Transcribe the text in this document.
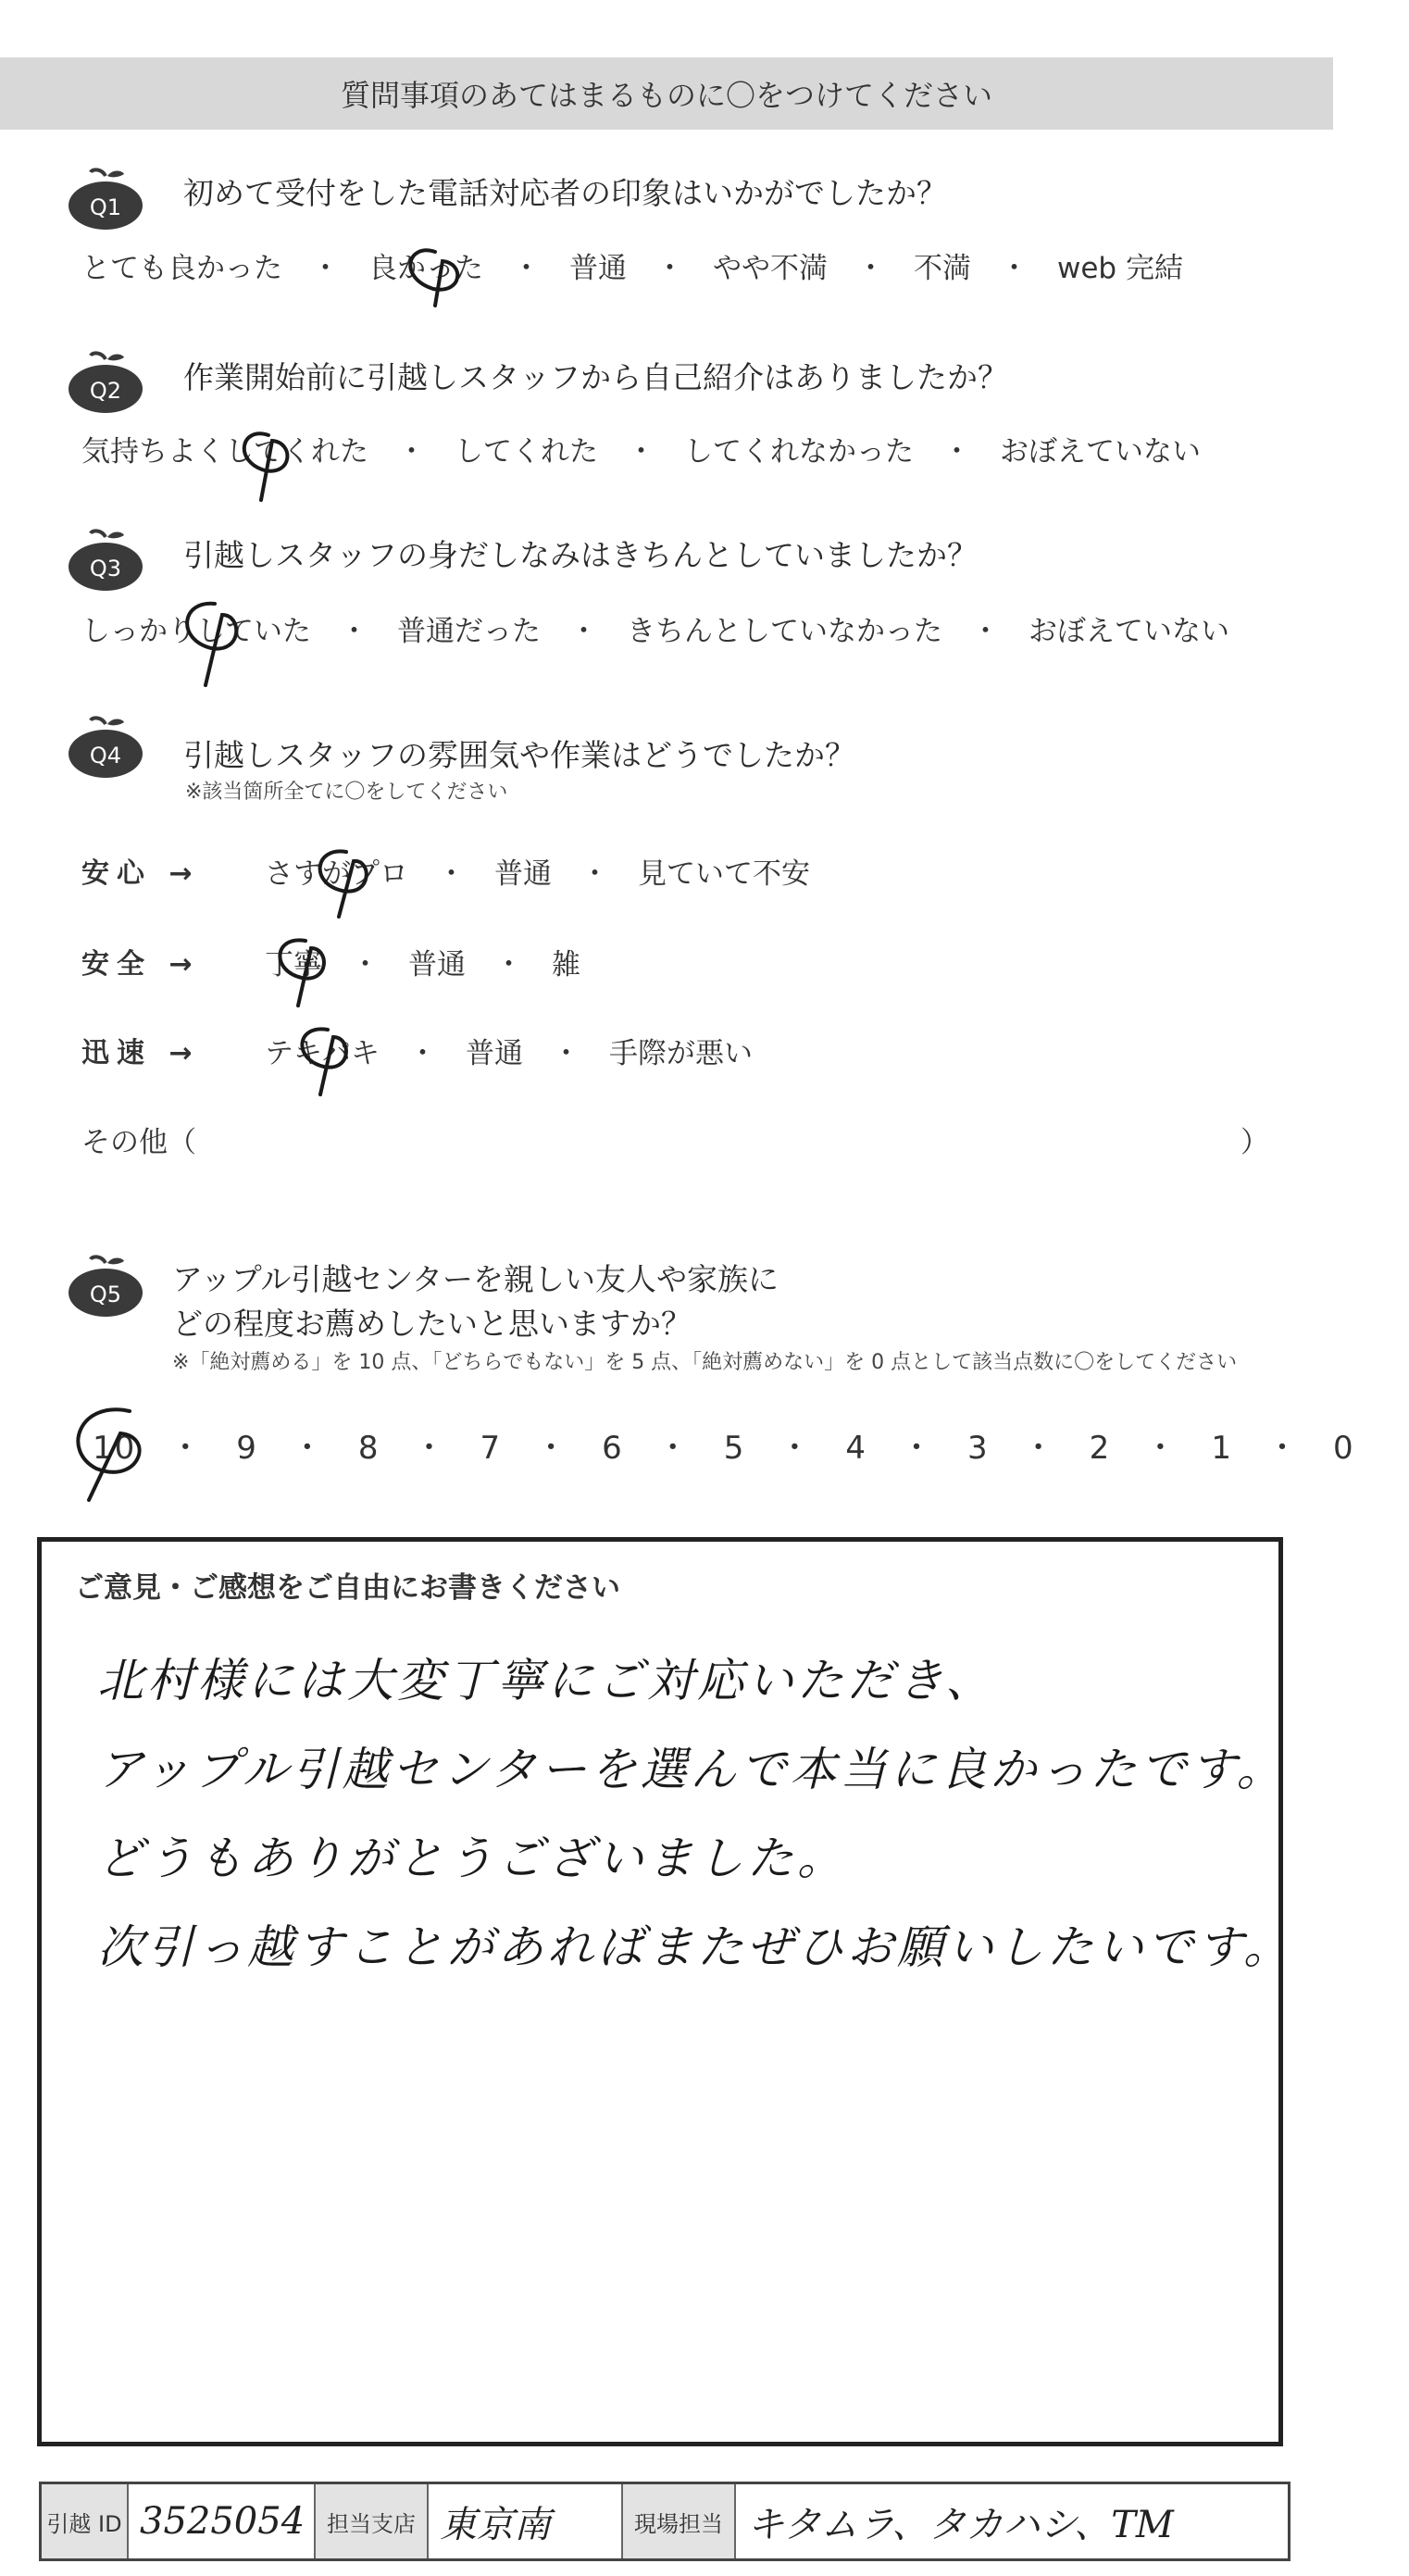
質問事項のあてはまるものに〇をつけてください
Q1 初めて受付をした電話対応者の印象はいかがでしたか？
とても良かった　・　良かった　・　普通　・　やや不満　・　不満　・　web 完結
Q2 作業開始前に引越しスタッフから自己紹介はありましたか？
気持ちよくしてくれた　・　してくれた　・　してくれなかった　・　おぼえていない
Q3 引越しスタッフの身だしなみはきちんとしていましたか？
しっかりしていた　・　普通だった　・　きちんとしていなかった　・　おぼえていない
Q4 引越しスタッフの雰囲気や作業はどうでしたか？
※該当箇所全てに〇をしてください
安心 → さすがプロ　・　普通　・　見ていて不安
安全 → 丁寧　・　普通　・　雑
迅速 → テキパキ　・　普通　・　手際が悪い
その他（	）
Q5 アップル引越センターを親しい友人や家族に
どの程度お薦めしたいと思いますか？
※「絶対薦める」を 10 点、「どちらでもない」を 5 点、「絶対薦めない」を 0 点として該当点数に〇をしてください
10　・　9　・　8　・　7　・　6　・　5　・　4　・　3　・　2　・　1　・　0
ご意見・ご感想をご自由にお書きください
北村様には大変丁寧にご対応いただき、
アップル引越センターを選んで本当に良かったです。
どうもありがとうございました。
次引っ越すことがあればまたぜひお願いしたいです。
引越 ID 3525054 担当支店 東京南	現場担当 キタムラ、タカハシ、TM
